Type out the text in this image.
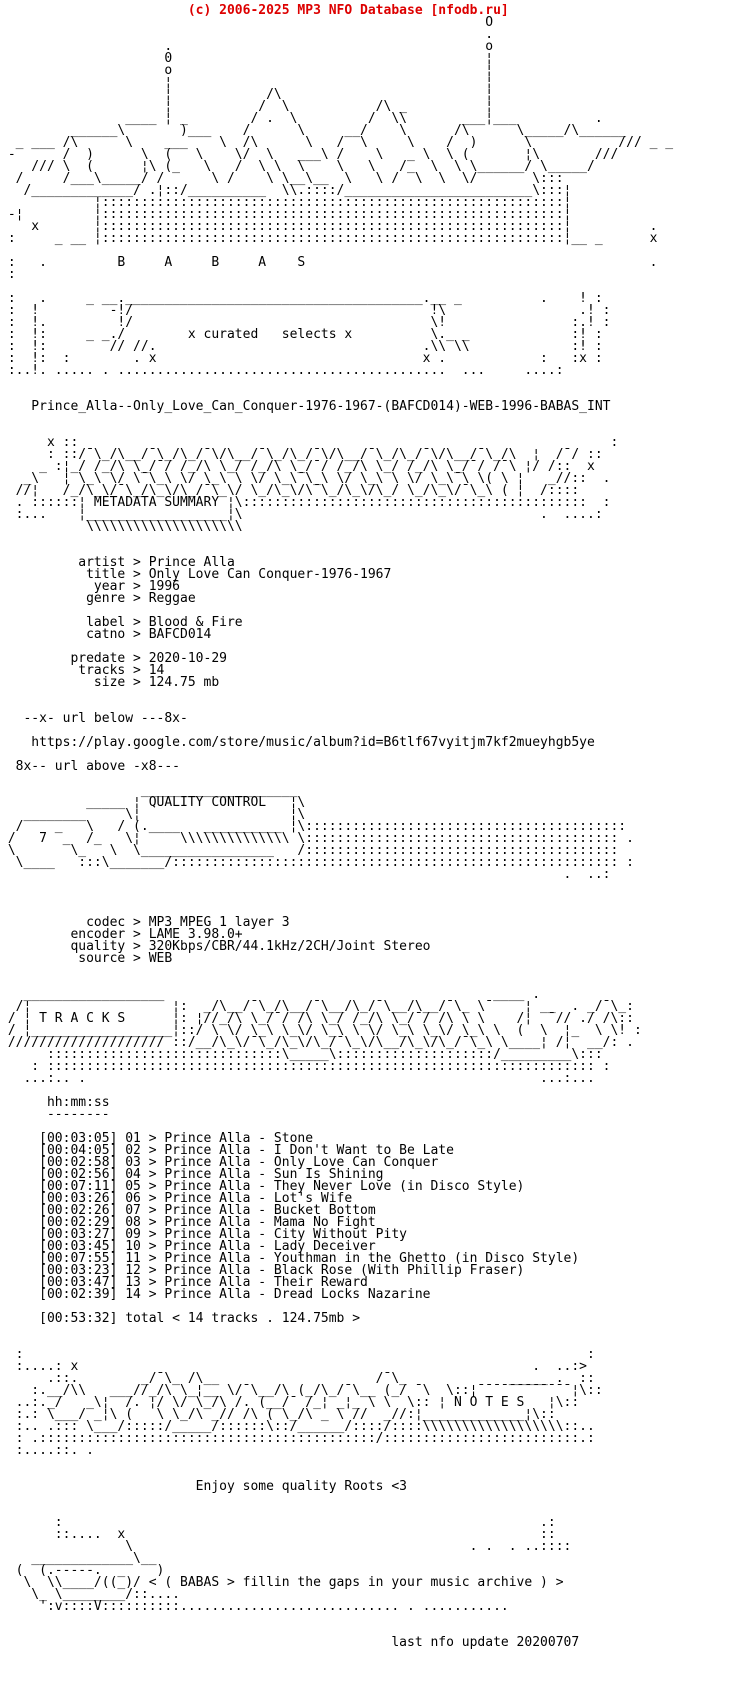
(c) 2006-2025 MP3 NFO Database [nfodb.ru]
O
.
.                                        o
0                                        ¦
o                                        ¦
¦                                        ¦
¦            /\                          ¦
¦           /  \           /\ _          ¦
____ ¦ _        / .  \         /  \\       ___¦___          .
______\       )___    /      \     __/    \      /\      \_____/\______
_ ___ /\      \    ___    \  /\      \   /  \     \    /  )      \           /// _ _
-      /  )      \  (   \    \/  \   ___\ /    \   _ \  \ (       ¦\       ///
/// \  (      ¦\ (_   \   /  \ \  \    \   \   /_  \  \ \______/ \_____/
/     /___\_____/ /      \ /    \ \__\__  \   \ /  \  \  \/       \:::
/_____________/ .¦::/__________  \\.::::/________________________\:::¦
¦:::::::::::::::::::::::::::::::::::::::::::::::::::::::::::¦
-¦         ¦:::::::::::::::::::::::::::::::::::::::::::::::::::::::::::¦
x       ¦:::::::::::::::::::::::::::::::::::::::::::::::::::::::::::¦          .
:     _ __ ¦:::::::::::::::::::::::::::::::::::::::::::::::::::::::::::¦__ _      x

:   .         B     A     B     A    S                                            .
:

:   .     _ __.______________________________________.__ _          .    ! :
:  !         -!/                                      !\                 .! :
:  !.         !/                                      \!                :.! :
:  !:     _ _./        x curated   selects x          \._ _             :! :
:  !:        // //.                                  .\\ \\             :! :
:  !:  :        . x                                  x .            :   :x :
:..!. ..... . ..........................................  ...     ....:
Prince_Alla--Only_Love_Can_Conquer-1976-1967-(BAFCD014)-WEB-1996-BABAS_INT
x ::                                                                    :
: ::/¯\_/\__/¯\_/\_/¯\/\__/¯\_/\_/¯\/\__/¯\_/\_/¯\/\__/¯\_/\  ¦  /¯/ ::
_ :¦_/ /_/\ \_/¯/ /_/\ \_/ /_/\ \_/¯/ /_/\ \_/ /_/\ \_/¯/ /¯\ ¦/ /::  x
_\   ¦ \_\ \/ \¯\_\ \/ \_\ \ \/ \_\¯\_\ \/ \_\ \ \/ \_\¯\ \( \ ¦   _//::  .
//¦   /_/\_\/¯\_/\_\/\_/¯\_\/ \_/\_\/\¯\_/\_\/\_/ \_/\_\/¯\_\ ( ¦  /::::
. ::::::¦ METADATA SUMMARY ¦\::::::::::::::::::::::::::::::::::::::::::::  :
:...    ¦__________________¦\                                      .  ....:
\\\\\\\\\\\\\\\\\\\\
artist > Prince Alla
title > Only Love Can Conquer-1976-1967
year > 1996
genre > Reggae

label > Blood & Fire
catno > BAFCD014

predate > 2020-10-29
tracks > 14
size > 124.75 mb
--x- url below ---8x-
https://play.google.com/store/music/album?id=B6tlf67vyitjm7kf2mueyhgb5ye
8x-- url above -x8---
____________________
_____ ¦ QUALITY CONTROL   ¦\
________     \¦                   ¦\
/    _   \   / (.____   __________ ¦\:::::::::::::::::::::::::::::::::::::::::
/   7  _  /_   \¦     \\\\\\\\\\\\\\ \:::::::::::::::::::::::::::::::::::::::: .
\       \_   \  \_________________   /::::::::::::::::::::::::::::::::::::::::
\____   :::\_______/::::::::::::::::::::::::::::::::::::::::::::::::::::::::: :
.  ..:
codec > MP3 MPEG 1 layer 3
encoder > LAME 3.98.0+
quality > 320Kbps/CBR/44.1kHz/2CH/Joint Stereo
source > WEB
__________________                                          ____ .
/¦                  ¦:  _/\__/¯\_/\__/¯\__/\_/¯\__/\__/¯\_ \¯    ¦ __  . _/¯\_:
/ ¦ T R A C K S      ¦: ¦//_/\ \_/¯/ /\ \_/ /_/\ \_/¯/ /\ \ \    /¦  ¯// ./ /\::
/ ¦__________________¦::/ \ \/ \_\ \_\/ \_\ \ \/ \_\ \_\/ \_\ \  (  \  ¦_  \ \! :
//////////////////// ::/__/\_\/¯\_/\_\/\_/¯\_\/\__/\_\/\_/¯\_\ \____¦ /¦  __/: .
::::::::::::::::::::::::::::::\_____\::::::::::::::::::::/_________\:::
: :::::::::::::::::::::::::::::::::::::::::::::::::::::::::::::::::::::: :
...:.. .                                                          ...:...
hh:mm:ss
--------
[00:03:05] 01 > Prince Alla - Stone
[00:04:05] 02 > Prince Alla - I Don't Want to Be Late
[00:02:58] 03 > Prince Alla - Only Love Can Conquer
[00:02:56] 04 > Prince Alla - Sun Is Shining
[00:07:11] 05 > Prince Alla - They Never Love (in Disco Style)
[00:03:26] 06 > Prince Alla - Lot's Wife
[00:02:26] 07 > Prince Alla - Bucket Bottom
[00:02:29] 08 > Prince Alla - Mama No Fight
[00:03:27] 09 > Prince Alla - City Without Pity
[00:03:45] 10 > Prince Alla - Lady Deceiver
[00:07:55] 11 > Prince Alla - Youthman in the Ghetto (in Disco Style)
[00:03:23] 12 > Prince Alla - Black Rose (With Phillip Fraser)
[00:03:47] 13 > Prince Alla - Their Reward
[00:02:39] 14 > Prince Alla - Dread Locks Nazarine
[00:53:32] total < 14 tracks . 124.75mb >
:                                                                        :
:....: x                                                          .  ..:>
.::.        _/¯\_ /\__                    /¯\_             _____ .  ::
:.__/\\   ___//_/\ \_¦__ \/¯\__/\ (_/\_/¯\__ (_/ ¯\  \::¦¯¯¯¯¯¯¯¯¯¯¯¯¦\::
..:._/   _\¦  /. ¦/ \/ \_/\ /. (__/¯ /_¦ _¦_ \ \  \:: ¦ N O T E S   ¦\::
:.: \___/ _¦\ (   \ \_/\ _// /\ ( \_/\ _ \ //  _//:¦_____________¦\::
:.. .::: \___/:::::/_____/::::::\::/______/::::/::::\\\\\\\\\\\\\\\\\\::..
: .:::::::::::::::::::::::::::::::::::::::::::/:::::::::::::::::::::::::.:
:....::. .
Enjoy some quality Roots <3
:                                                             .:
::....  x                                                     ::
\                                           . .  . ..::::
_____________\__
(  (.-----.  _    )
\  \\____/((_)/ < ( BABAS > fillin the gaps in your music archive ) >
\_ \________/::....
':v::::V::::::::::............................ . ...........
last nfo update 20200707
